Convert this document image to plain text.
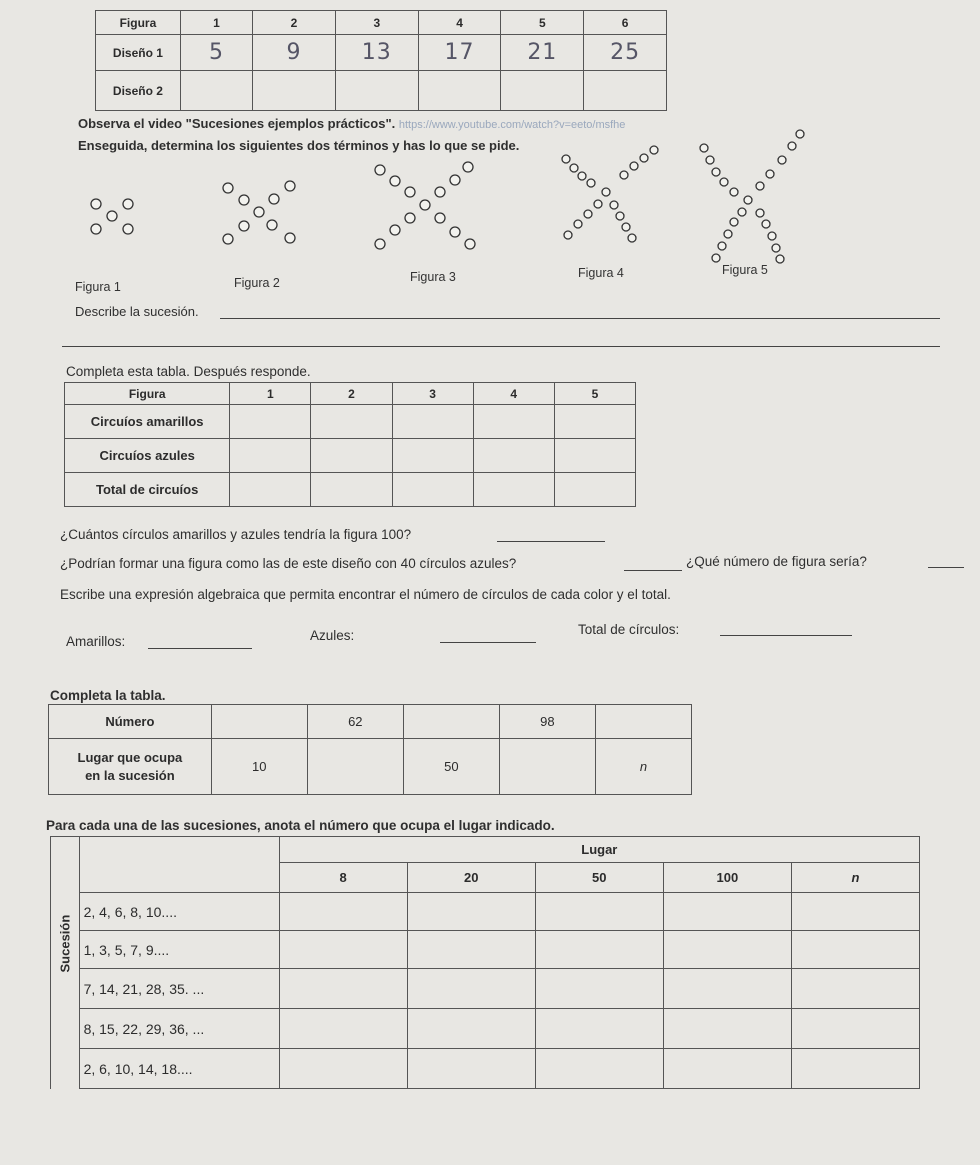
Figura	1	2	3	4	5	6
Diseño 1	5	9	13	17	21	25
Diseño 2						
Observa el video "Sucesiones ejemplos prácticos". https://www.youtube.com/watch?v=eeto/msfhe
Enseguida, determina los siguientes dos términos y has lo que se pide.
Figura 1	Figura 2	Figura 3	Figura 4	Figura 5
Describe la sucesión.
Completa esta tabla. Después responde.
Figura	1	2	3	4	5
Circuíos amarillos					
Circuíos azules					
Total de circuíos					
¿Cuántos círculos amarillos y azules tendría la figura 100?
¿Podrían formar una figura como las de este diseño con 40 círculos azules?	¿Qué número de figura sería?
Escribe una expresión algebraica que permita encontrar el número de círculos de cada color y el total.
Amarillos:	Azules:	Total de círculos:
Completa la tabla.
Número		62		98	

Lugar que ocupa
en la sucesión	10		50		n
Para cada una de las sucesiones, anota el número que ocupa el lugar indicado.
Sucesión		Lugar				
		8	20	50	100	n
	2, 4, 6, 8, 10....					
	1, 3, 5, 7, 9....					
	7, 14, 21, 28, 35. ...					
	8, 15, 22, 29, 36, ...					
	2, 6, 10, 14, 18....					
